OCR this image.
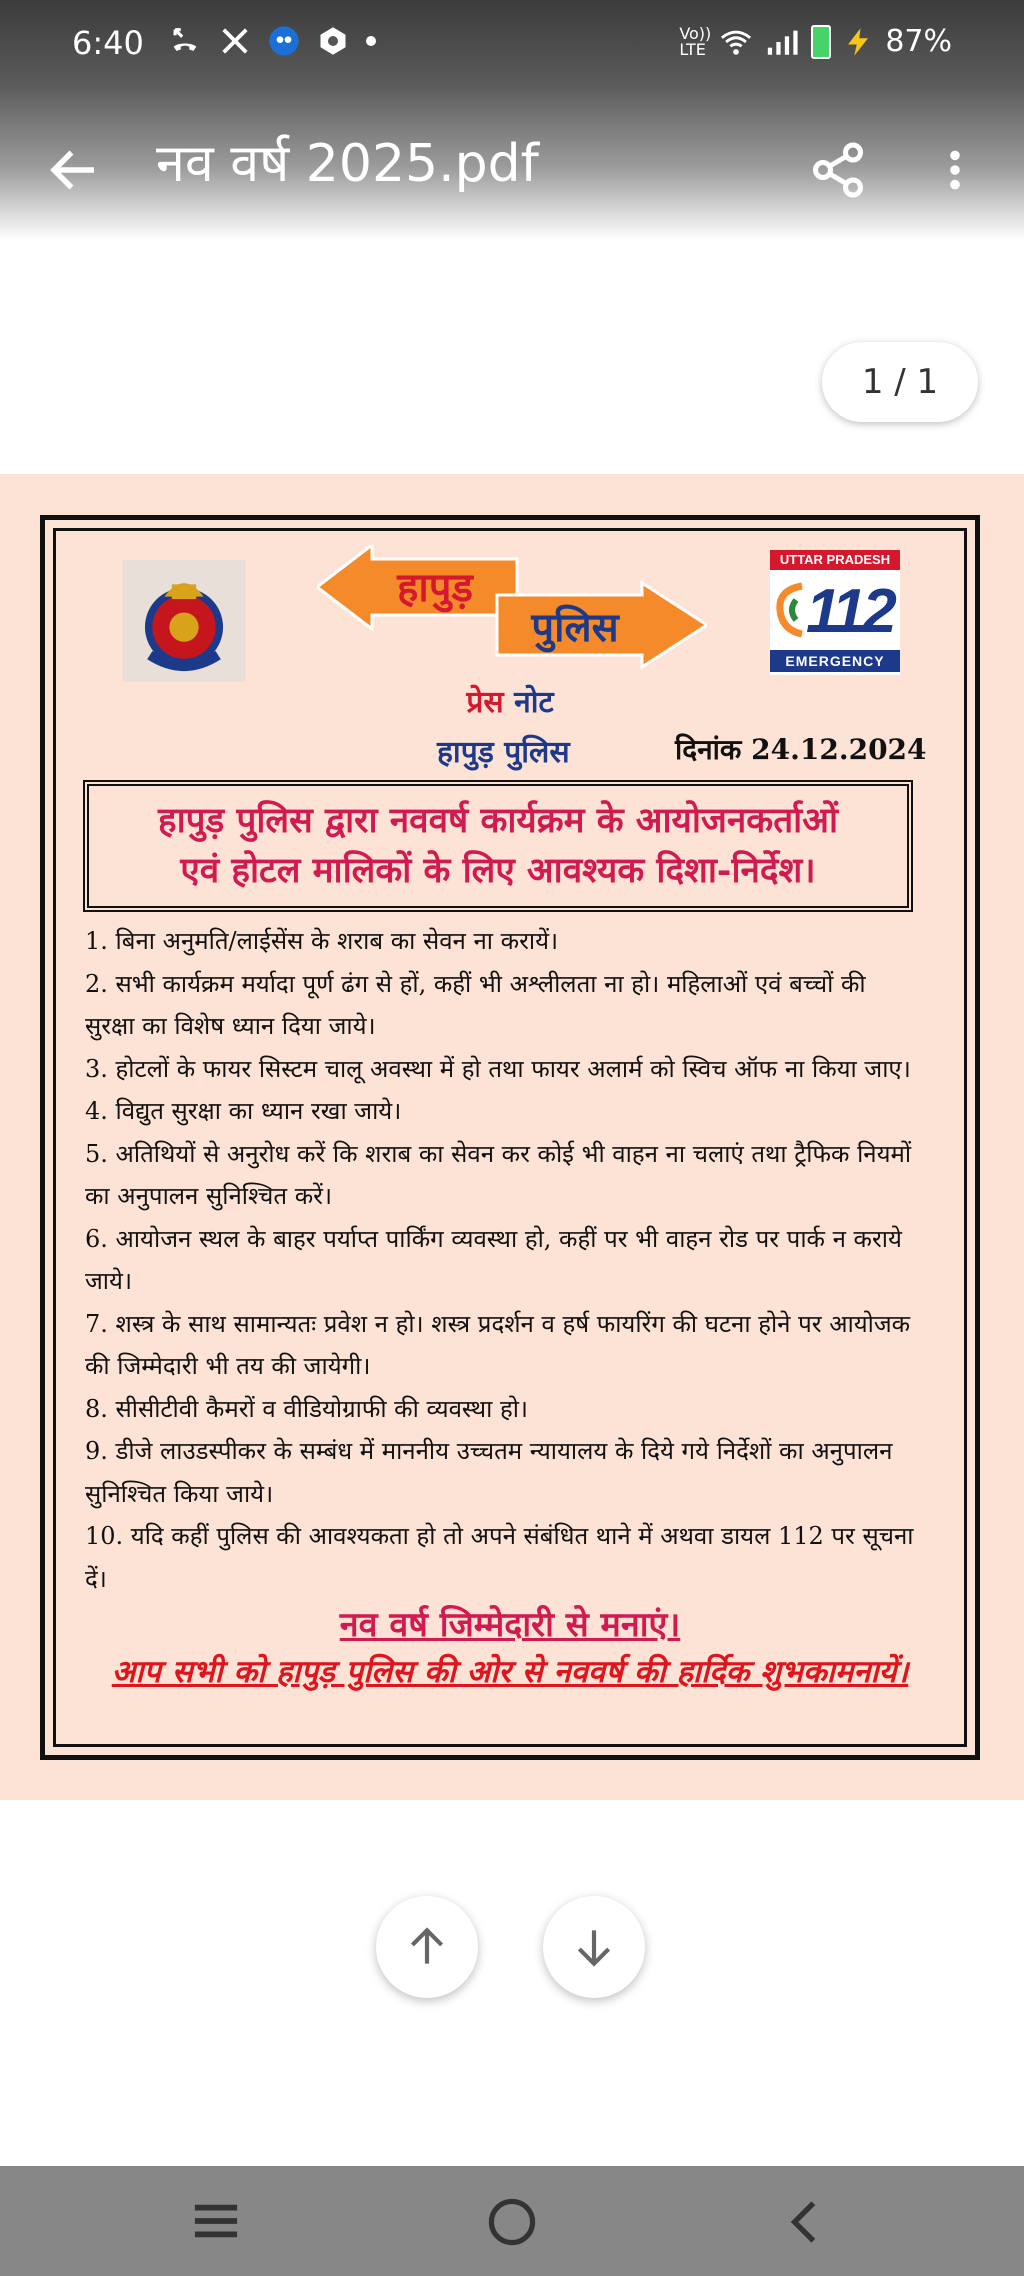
6:40	Vo)) LTE	87%
नव वर्ष 2025.pdf
1 / 1
हापुड़
पुलिस
UTTAR PRADESH
112
EMERGENCY
प्रेस नोट
हापुड़ पुलिस	दिनांक 24.12.2024
हापुड़ पुलिस द्वारा नववर्ष कार्यक्रम के आयोजनकर्ताओं
एवं होटल मालिकों के लिए आवश्यक दिशा-निर्देश।

1. बिना अनुमति/लाईसेंस के शराब का सेवन ना करायें।

2. सभी कार्यक्रम मर्यादा पूर्ण ढंग से हों, कहीं भी अश्लीलता ना हो। महिलाओं एवं बच्चों की सुरक्षा का विशेष ध्यान दिया जाये।

3. होटलों के फायर सिस्टम चालू अवस्था में हो तथा फायर अलार्म को स्विच ऑफ ना किया जाए।

4. विद्युत सुरक्षा का ध्यान रखा जाये।

5. अतिथियों से अनुरोध करें कि शराब का सेवन कर कोई भी वाहन ना चलाएं तथा ट्रैफिक नियमों का अनुपालन सुनिश्चित करें।

6. आयोजन स्थल के बाहर पर्याप्त पार्किंग व्यवस्था हो, कहीं पर भी वाहन रोड पर पार्क न कराये जाये।

7. शस्त्र के साथ सामान्यतः प्रवेश न हो। शस्त्र प्रदर्शन व हर्ष फायरिंग की घटना होने पर आयोजक की जिम्मेदारी भी तय की जायेगी।

8. सीसीटीवी कैमरों व वीडियोग्राफी की व्यवस्था हो।

9. डीजे लाउडस्पीकर के सम्बंध में माननीय उच्चतम न्यायालय के दिये गये निर्देशों का अनुपालन सुनिश्चित किया जाये।

10. यदि कहीं पुलिस की आवश्यकता हो तो अपने संबंधित थाने में अथवा डायल 112 पर सूचना दें।

नव वर्ष जिम्मेदारी से मनाएं।
आप सभी को हापुड़ पुलिस की ओर से नववर्ष की हार्दिक शुभकामनायें।
